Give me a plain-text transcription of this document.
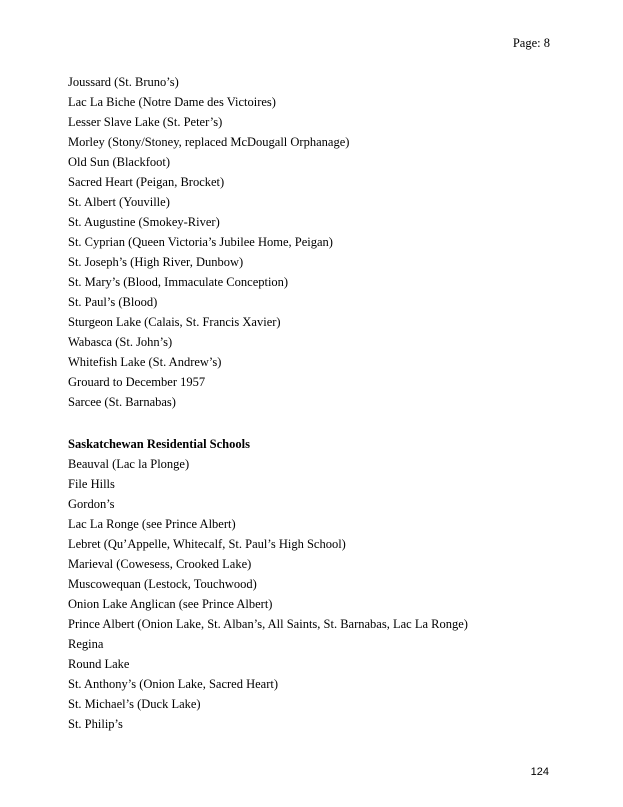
Page: 8
Joussard (St. Bruno’s)
Lac La Biche (Notre Dame des Victoires)
Lesser Slave Lake (St. Peter’s)
Morley (Stony/Stoney, replaced McDougall Orphanage)
Old Sun (Blackfoot)
Sacred Heart (Peigan, Brocket)
St. Albert (Youville)
St. Augustine (Smokey-River)
St. Cyprian (Queen Victoria’s Jubilee Home, Peigan)
St. Joseph’s (High River, Dunbow)
St. Mary’s (Blood, Immaculate Conception)
St. Paul’s (Blood)
Sturgeon Lake (Calais, St. Francis Xavier)
Wabasca (St. John’s)
Whitefish Lake (St. Andrew’s)
Grouard to December 1957
Sarcee (St. Barnabas)
Saskatchewan Residential Schools
Beauval (Lac la Plonge)
File Hills
Gordon’s
Lac La Ronge (see Prince Albert)
Lebret (Qu’Appelle, Whitecalf, St. Paul’s High School)
Marieval (Cowesess, Crooked Lake)
Muscowequan (Lestock, Touchwood)
Onion Lake Anglican (see Prince Albert)
Prince Albert (Onion Lake, St. Alban’s, All Saints, St. Barnabas, Lac La Ronge)
Regina
Round Lake
St. Anthony’s (Onion Lake, Sacred Heart)
St. Michael’s (Duck Lake)
St. Philip’s
124
